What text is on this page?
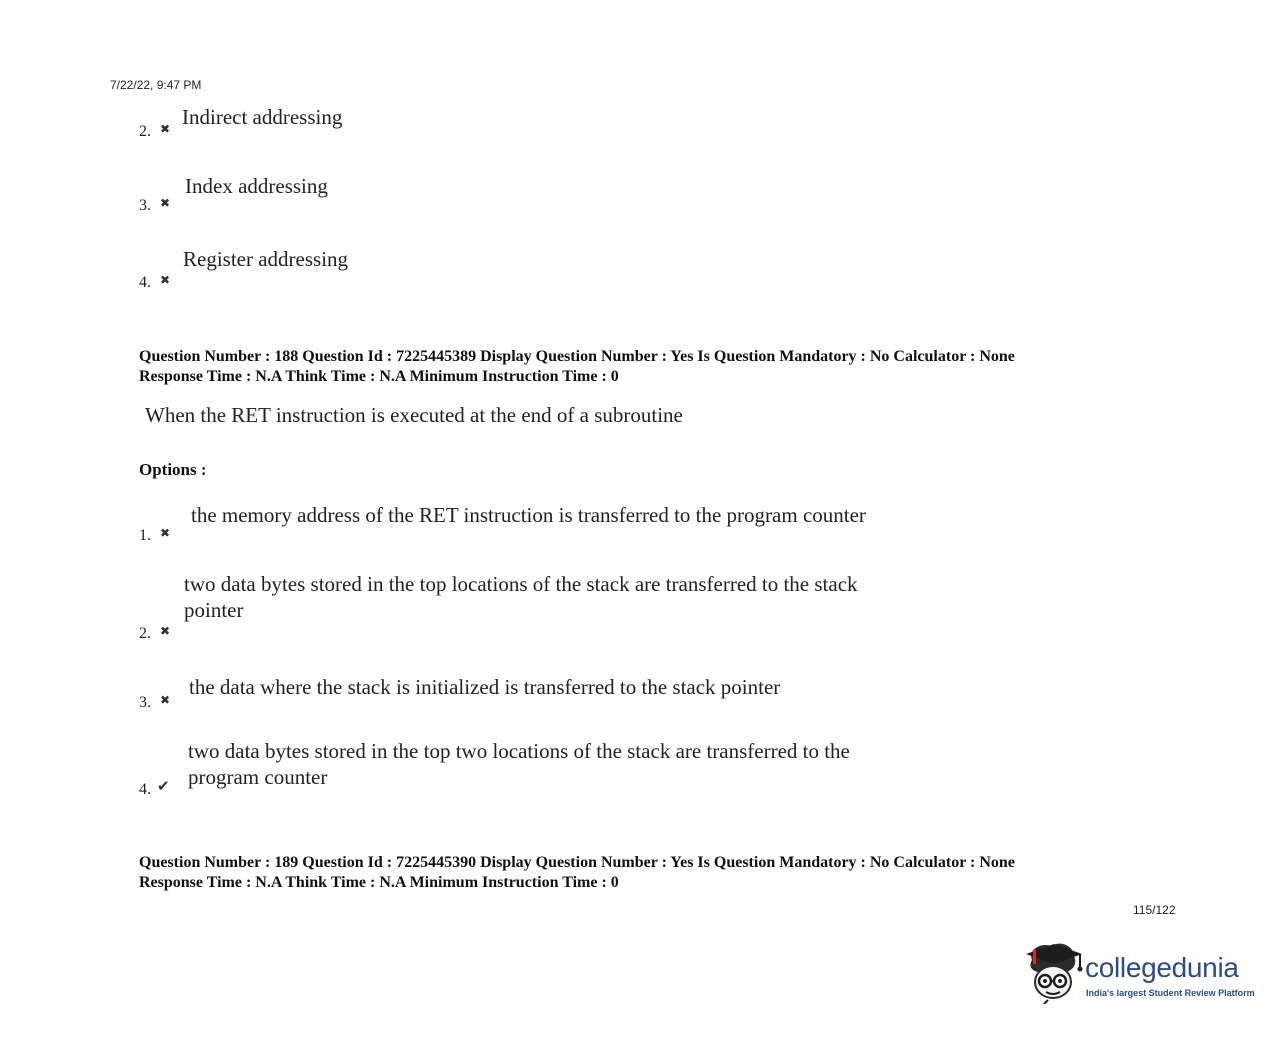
7/22/22, 9:47 PM
2. ✖ Indirect addressing
3. ✖
Index addressing
4. ✖
Register addressing
Question Number : 188 Question Id : 7225445389 Display Question Number : Yes Is Question Mandatory : No Calculator : None
Response Time : N.A Think Time : N.A Minimum Instruction Time : 0
When the RET instruction is executed at the end of a subroutine
Options :
1. ✖
the memory address of the RET instruction is transferred to the program counter
2. ✖
two data bytes stored in the top locations of the stack are transferred to the stack
pointer
3. ✖
the data where the stack is initialized is transferred to the stack pointer
4. ✔
two data bytes stored in the top two locations of the stack are transferred to the
program counter
Question Number : 189 Question Id : 7225445390 Display Question Number : Yes Is Question Mandatory : No Calculator : None
Response Time : N.A Think Time : N.A Minimum Instruction Time : 0
115/122
collegedunia
India's largest Student Review Platform
